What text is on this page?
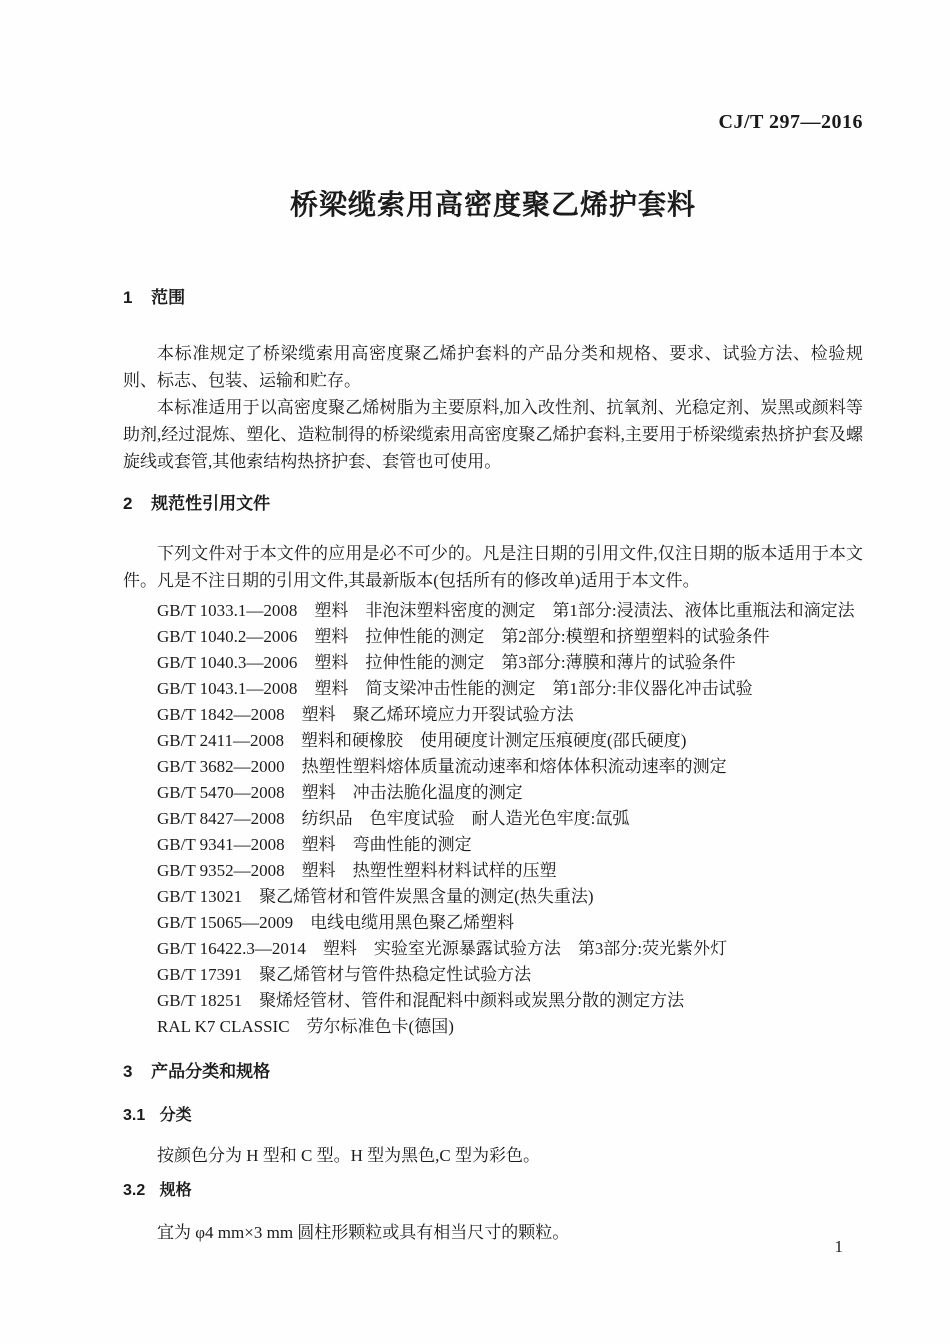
CJ/T 297—2016
桥梁缆索用高密度聚乙烯护套料
1 范围

本标准规定了桥梁缆索用高密度聚乙烯护套料的产品分类和规格、要求、试验方法、检验规则、标志、包装、运输和贮存。

本标准适用于以高密度聚乙烯树脂为主要原料,加入改性剂、抗氧剂、光稳定剂、炭黑或颜料等助剂,经过混炼、塑化、造粒制得的桥梁缆索用高密度聚乙烯护套料,主要用于桥梁缆索热挤护套及螺旋线或套管,其他索结构热挤护套、套管也可使用。

2 规范性引用文件

下列文件对于本文件的应用是必不可少的。凡是注日期的引用文件,仅注日期的版本适用于本文件。凡是不注日期的引用文件,其最新版本(包括所有的修改单)适用于本文件。

GB/T 1033.1—2008　塑料　非泡沫塑料密度的测定　第1部分:浸渍法、液体比重瓶法和滴定法
GB/T 1040.2—2006　塑料　拉伸性能的测定　第2部分:模塑和挤塑塑料的试验条件
GB/T 1040.3—2006　塑料　拉伸性能的测定　第3部分:薄膜和薄片的试验条件
GB/T 1043.1—2008　塑料　简支梁冲击性能的测定　第1部分:非仪器化冲击试验
GB/T 1842—2008　塑料　聚乙烯环境应力开裂试验方法
GB/T 2411—2008　塑料和硬橡胶　使用硬度计测定压痕硬度(邵氏硬度)
GB/T 3682—2000　热塑性塑料熔体质量流动速率和熔体体积流动速率的测定
GB/T 5470—2008　塑料　冲击法脆化温度的测定
GB/T 8427—2008　纺织品　色牢度试验　耐人造光色牢度:氙弧
GB/T 9341—2008　塑料　弯曲性能的测定
GB/T 9352—2008　塑料　热塑性塑料材料试样的压塑
GB/T 13021　聚乙烯管材和管件炭黑含量的测定(热失重法)
GB/T 15065—2009　电线电缆用黑色聚乙烯塑料
GB/T 16422.3—2014　塑料　实验室光源暴露试验方法　第3部分:荧光紫外灯
GB/T 17391　聚乙烯管材与管件热稳定性试验方法
GB/T 18251　聚烯烃管材、管件和混配料中颜料或炭黑分散的测定方法
RAL K7 CLASSIC　劳尔标准色卡(德国)
3 产品分类和规格
3.1 分类

按颜色分为 H 型和 C 型。H 型为黑色,C 型为彩色。

3.2 规格

宜为 φ4 mm×3 mm 圆柱形颗粒或具有相当尺寸的颗粒。

1
